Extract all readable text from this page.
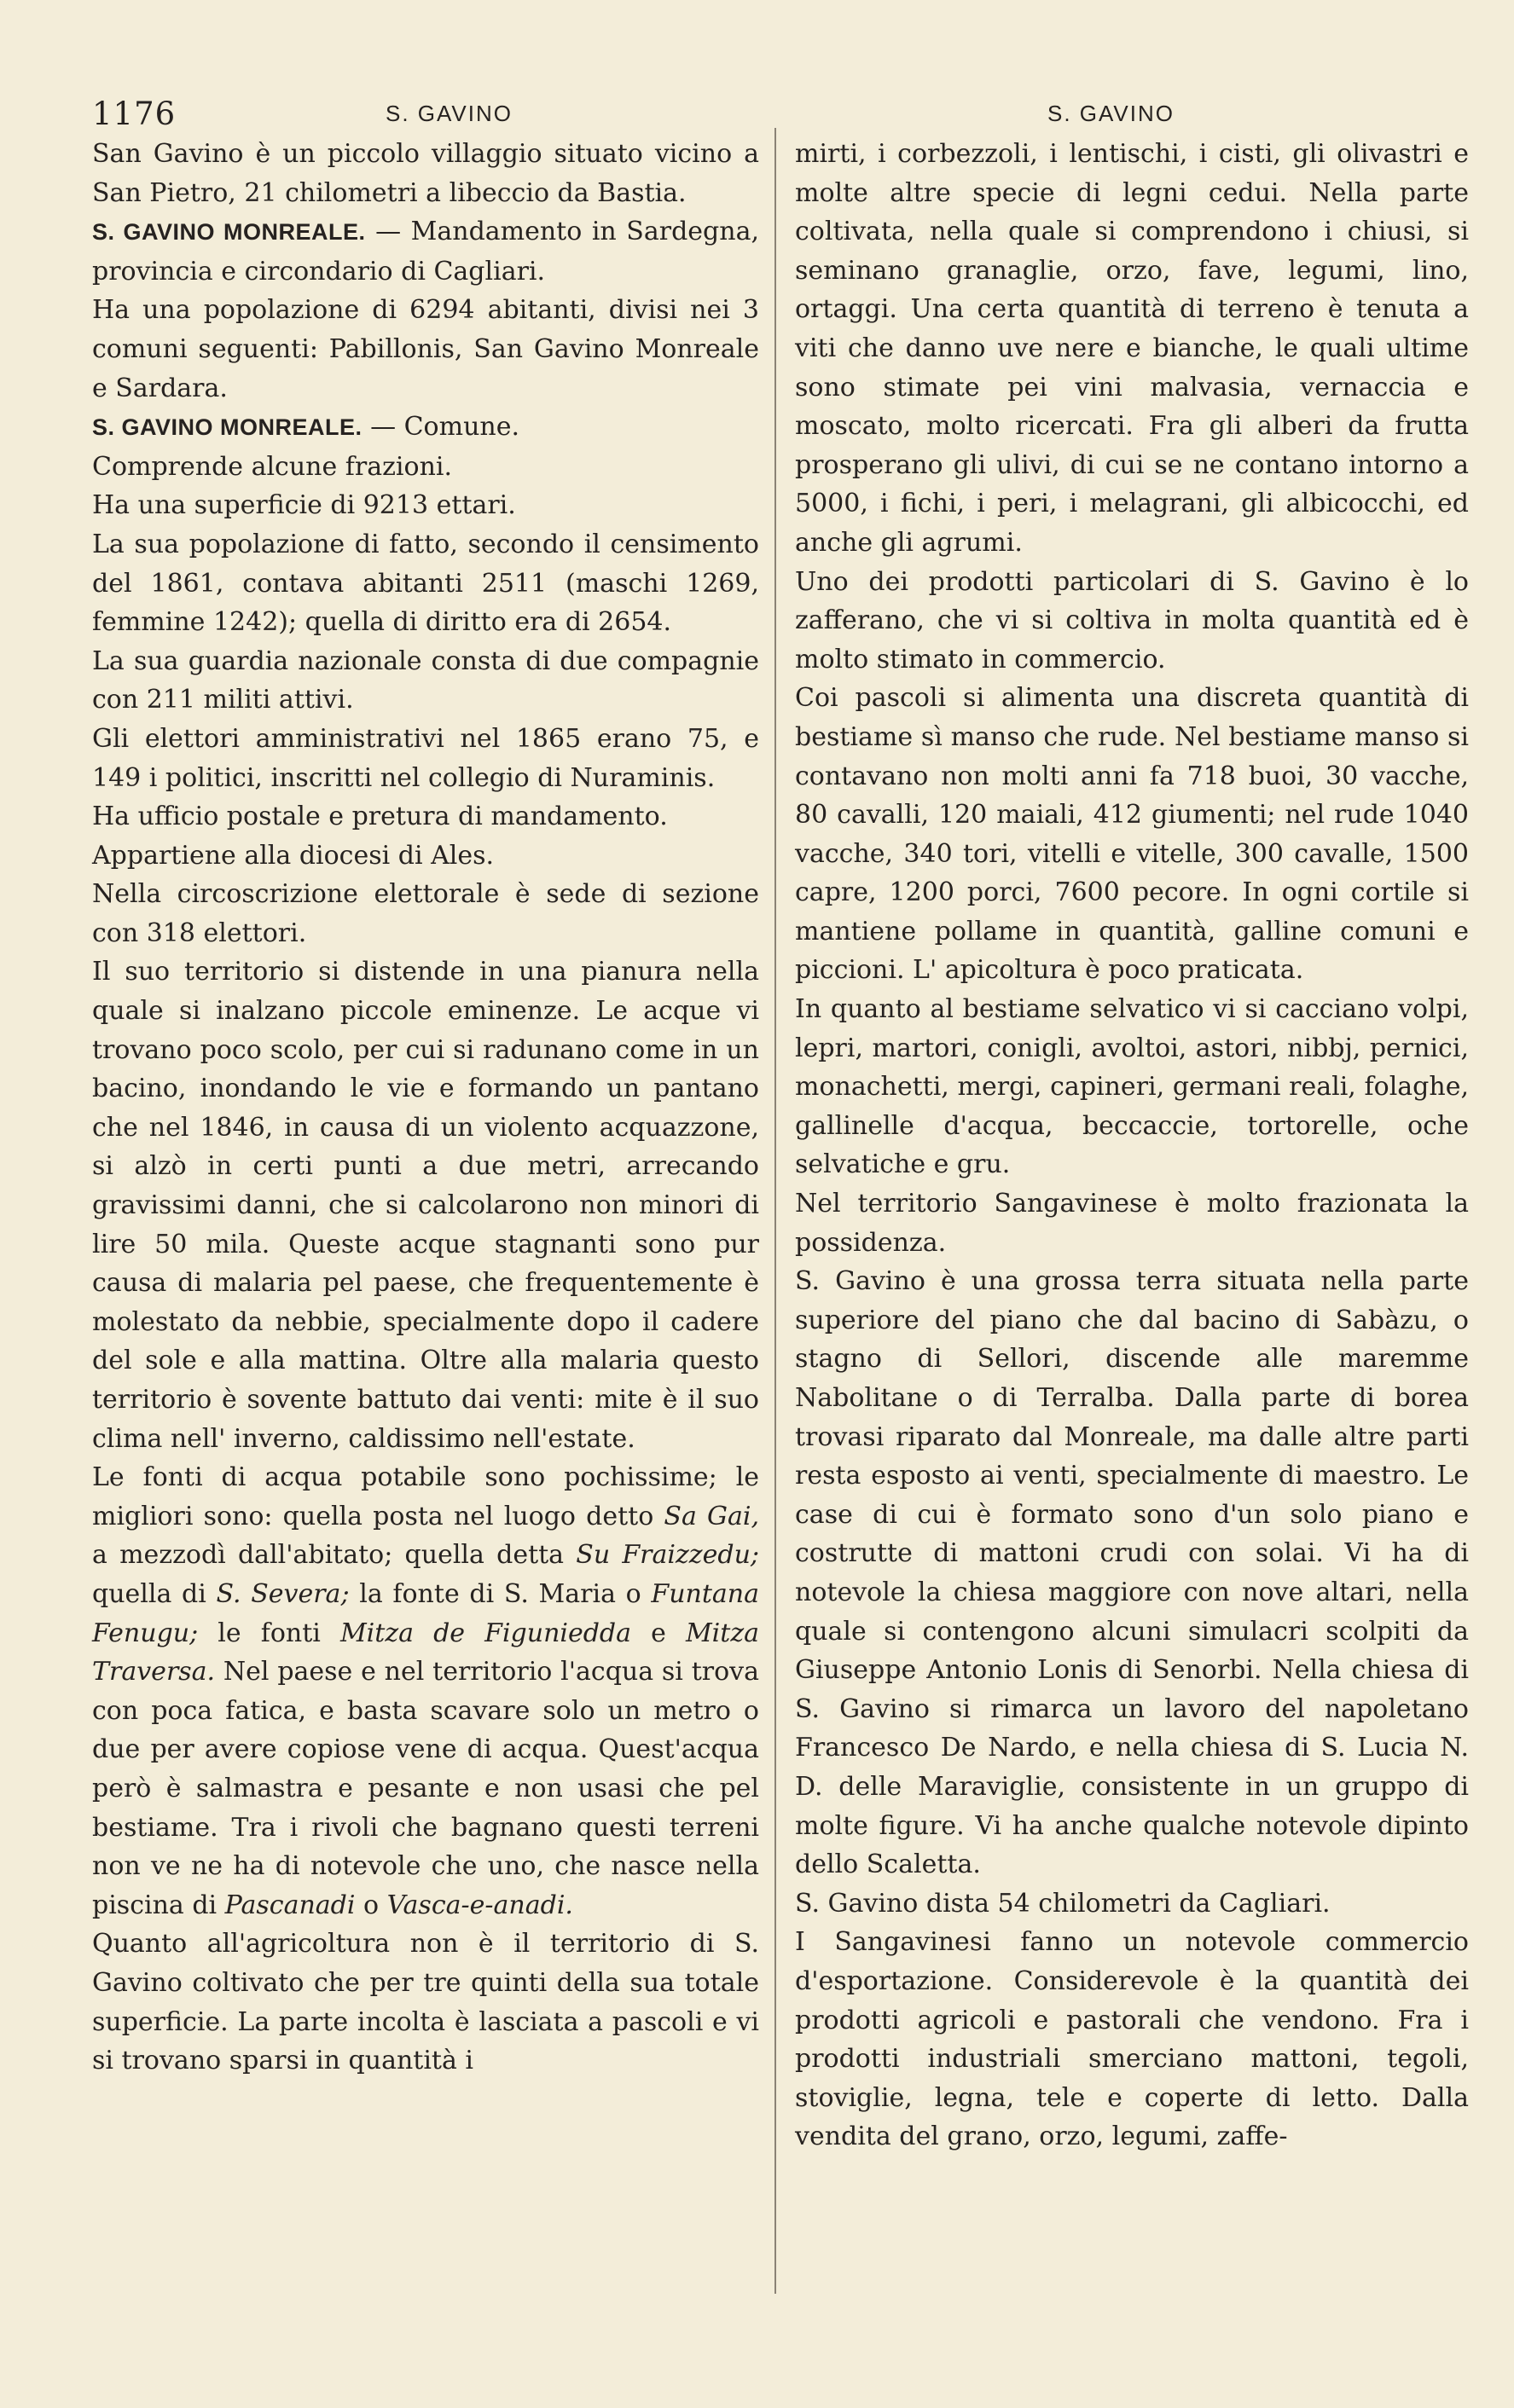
1176	S. GAVINO	S. GAVINO

San Gavino è un piccolo villaggio situato vicino a San Pietro, 21 chilometri a libeccio da Bastia.

S. GAVINO MONREALE. — Mandamento in Sardegna, provincia e circondario di Cagliari.

Ha una popolazione di 6294 abitanti, divisi nei 3 comuni seguenti: Pabillonis, San Gavino Monreale e Sardara.

S. GAVINO MONREALE. — Comune.

Comprende alcune frazioni.

Ha una superficie di 9213 ettari.

La sua popolazione di fatto, secondo il censimento del 1861, contava abitanti 2511 (maschi 1269, femmine 1242); quella di diritto era di 2654.

La sua guardia nazionale consta di due compagnie con 211 militi attivi.

Gli elettori amministrativi nel 1865 erano 75, e 149 i politici, inscritti nel collegio di Nuraminis.

Ha ufficio postale e pretura di mandamento.

Appartiene alla diocesi di Ales.

Nella circoscrizione elettorale è sede di sezione con 318 elettori.

Il suo territorio si distende in una pianura nella quale si inalzano piccole eminenze. Le acque vi trovano poco scolo, per cui si radunano come in un bacino, inondando le vie e formando un pantano che nel 1846, in causa di un violento acquazzone, si alzò in certi punti a due metri, arrecando gravissimi danni, che si calcolarono non minori di lire 50 mila. Queste acque stagnanti sono pur causa di malaria pel paese, che frequentemente è molestato da nebbie, specialmente dopo il cadere del sole e alla mattina. Oltre alla malaria questo territorio è sovente battuto dai venti: mite è il suo clima nell' inverno, caldissimo nell'estate.

Le fonti di acqua potabile sono pochissime; le migliori sono: quella posta nel luogo detto Sa Gai, a mezzodì dall'abitato; quella detta Su Fraizzedu; quella di S. Severa; la fonte di S. Maria o Funtana Fenugu; le fonti Mitza de Figuniedda e Mitza Traversa. Nel paese e nel territorio l'acqua si trova con poca fatica, e basta scavare solo un metro o due per avere copiose vene di acqua. Quest'acqua però è salmastra e pesante e non usasi che pel bestiame. Tra i rivoli che bagnano questi terreni non ve ne ha di notevole che uno, che nasce nella piscina di Pascanadi o Vasca-e-anadi.

Quanto all'agricoltura non è il territorio di S. Gavino coltivato che per tre quinti della sua totale superficie. La parte incolta è lasciata a pascoli e vi si trovano sparsi in quantità i

mirti, i corbezzoli, i lentischi, i cisti, gli olivastri e molte altre specie di legni cedui. Nella parte coltivata, nella quale si comprendono i chiusi, si seminano granaglie, orzo, fave, legumi, lino, ortaggi. Una certa quantità di terreno è tenuta a viti che danno uve nere e bianche, le quali ultime sono stimate pei vini malvasia, vernaccia e moscato, molto ricercati. Fra gli alberi da frutta prosperano gli ulivi, di cui se ne contano intorno a 5000, i fichi, i peri, i melagrani, gli albicocchi, ed anche gli agrumi.

Uno dei prodotti particolari di S. Gavino è lo zafferano, che vi si coltiva in molta quantità ed è molto stimato in commercio.

Coi pascoli si alimenta una discreta quantità di bestiame sì manso che rude. Nel bestiame manso si contavano non molti anni fa 718 buoi, 30 vacche, 80 cavalli, 120 maiali, 412 giumenti; nel rude 1040 vacche, 340 tori, vitelli e vitelle, 300 cavalle, 1500 capre, 1200 porci, 7600 pecore. In ogni cortile si mantiene pollame in quantità, galline comuni e piccioni. L' apicoltura è poco praticata.

In quanto al bestiame selvatico vi si cacciano volpi, lepri, martori, conigli, avoltoi, astori, nibbj, pernici, monachetti, mergi, capineri, germani reali, folaghe, gallinelle d'acqua, beccaccie, tortorelle, oche selvatiche e gru.

Nel territorio Sangavinese è molto frazionata la possidenza.

S. Gavino è una grossa terra situata nella parte superiore del piano che dal bacino di Sabàzu, o stagno di Sellori, discende alle maremme Nabolitane o di Terralba. Dalla parte di borea trovasi riparato dal Monreale, ma dalle altre parti resta esposto ai venti, specialmente di maestro. Le case di cui è formato sono d'un solo piano e costrutte di mattoni crudi con solai. Vi ha di notevole la chiesa maggiore con nove altari, nella quale si contengono alcuni simulacri scolpiti da Giuseppe Antonio Lonis di Senorbi. Nella chiesa di S. Gavino si rimarca un lavoro del napoletano Francesco De Nardo, e nella chiesa di S. Lucia N. D. delle Maraviglie, consistente in un gruppo di molte figure. Vi ha anche qualche notevole dipinto dello Scaletta.

S. Gavino dista 54 chilometri da Cagliari.

I Sangavinesi fanno un notevole commercio d'esportazione. Considerevole è la quantità dei prodotti agricoli e pastorali che vendono. Fra i prodotti industriali smerciano mattoni, tegoli, stoviglie, legna, tele e coperte di letto. Dalla vendita del grano, orzo, legumi, zaffe-
